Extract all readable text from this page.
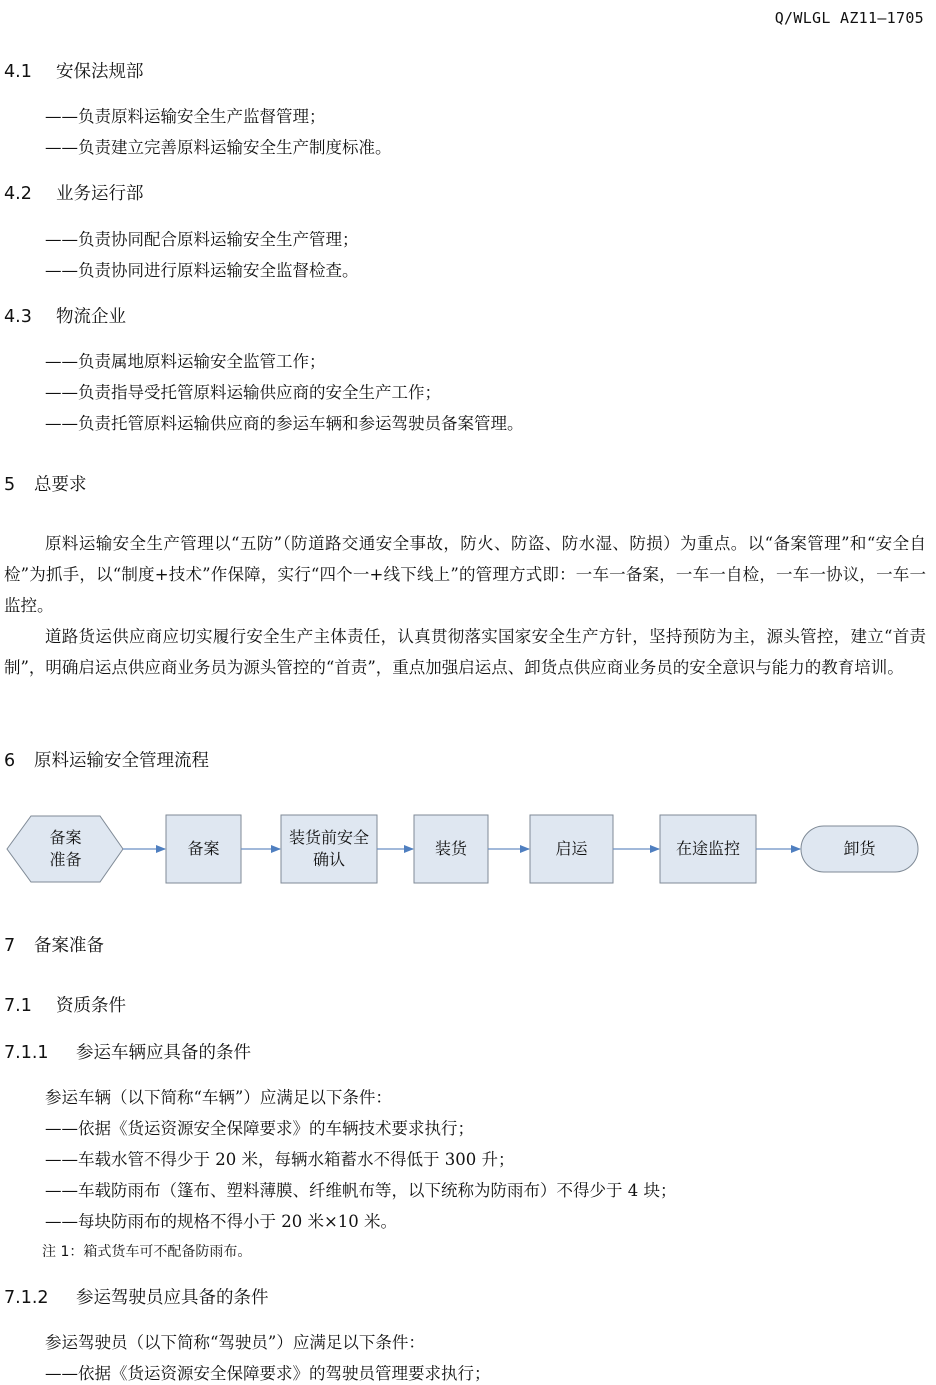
Q/WLGL AZ11—1705
4.1 安保法规部
——负责原料运输安全生产监督管理；
——负责建立完善原料运输安全生产制度标准。
4.2 业务运行部
——负责协同配合原料运输安全生产管理；
——负责协同进行原料运输安全监督检查。
4.3 物流企业
——负责属地原料运输安全监管工作；
——负责指导受托管原料运输供应商的安全生产工作；
——负责托管原料运输供应商的参运车辆和参运驾驶员备案管理。
5 总要求

原料运输安全生产管理以“五防”（防道路交通安全事故，防火、防盗、防水湿、防损）为重点。以“备案管理”和“安全自检”为抓手，以“制度+技术”作保障，实行“四个一+线下线上”的管理方式即：一车一备案，一车一自检，一车一协议，一车一监控。

道路货运供应商应切实履行安全生产主体责任，认真贯彻落实国家安全生产方针，坚持预防为主，源头管控，建立“首责制”，明确启运点供应商业务员为源头管控的“首责”，重点加强启运点、卸货点供应商业务员的安全意识与能力的教育培训。

6 原料运输安全管理流程
备案
准备
备案
装货前安全
确认
装货	启运	在途监控	卸货
7 备案准备
7.1 资质条件
7.1.1 参运车辆应具备的条件
参运车辆（以下简称“车辆”）应满足以下条件：
——依据《货运资源安全保障要求》的车辆技术要求执行；
——车载水管不得少于 20 米，每辆水箱蓄水不得低于 300 升；
——车载防雨布（篷布、塑料薄膜、纤维帆布等，以下统称为防雨布）不得少于 4 块；
——每块防雨布的规格不得小于 20 米×10 米。
注 1：箱式货车可不配备防雨布。
7.1.2 参运驾驶员应具备的条件
参运驾驶员（以下简称“驾驶员”）应满足以下条件：
——依据《货运资源安全保障要求》的驾驶员管理要求执行；
